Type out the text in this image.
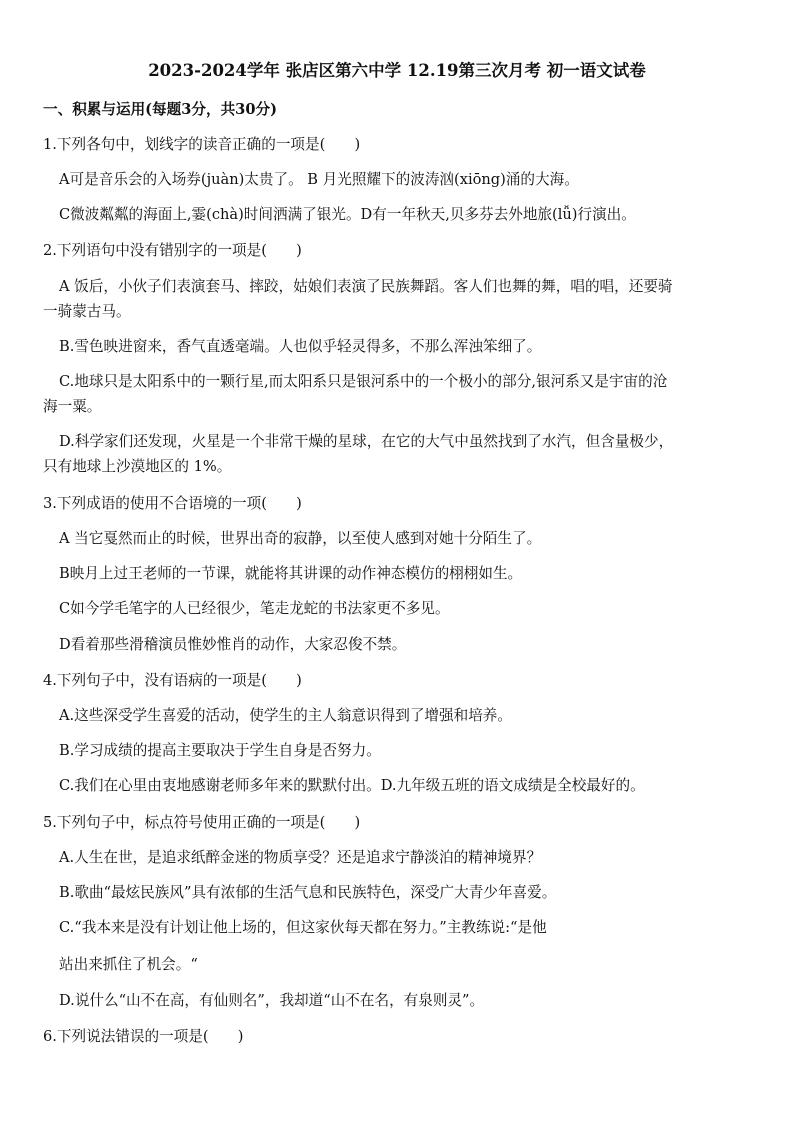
2023-2024学年 张店区第六中学 12.19第三次月考 初一语文试卷
一、积累与运用(每题3分，共30分)
1.下列各句中，划线字的读音正确的一项是(　　)
A可是音乐会的入场券(juàn)太贵了。 B 月光照耀下的波涛汹(xiōng)涌的大海。
C微波粼粼的海面上,霎(chà)时间洒满了银光。D有一年秋天,贝多芬去外地旅(lǚ)行演出。
2.下列语句中没有错别字的一项是(　　)
A 饭后，小伙子们表演套马、摔跤，姑娘们表演了民族舞蹈。客人们也舞的舞，唱的唱，还要骑
一骑蒙古马。
B.雪色映进窗来，香气直透毫端。人也似乎轻灵得多，不那么浑浊笨细了。
C.地球只是太阳系中的一颗行星,而太阳系只是银河系中的一个极小的部分,银河系又是宇宙的沧
海一粟。
D.科学家们还发现，火星是一个非常干燥的星球，在它的大气中虽然找到了水汽，但含量极少，
只有地球上沙漠地区的 1%。
3.下列成语的使用不合语境的一项(　　)
A 当它戛然而止的时候，世界出奇的寂静，以至使人感到对她十分陌生了。
B映月上过王老师的一节课，就能将其讲课的动作神态模仿的栩栩如生。
C如今学毛笔字的人已经很少，笔走龙蛇的书法家更不多见。
D看着那些滑稽演员惟妙惟肖的动作，大家忍俊不禁。
4.下列句子中，没有语病的一项是(　　)
A.这些深受学生喜爱的活动，使学生的主人翁意识得到了增强和培养。
B.学习成绩的提高主要取决于学生自身是否努力。
C.我们在心里由衷地感谢老师多年来的默默付出。D.九年级五班的语文成绩是全校最好的。
5.下列句子中，标点符号使用正确的一项是(　　)
A.人生在世，是追求纸醉金迷的物质享受？还是追求宁静淡泊的精神境界？
B.歌曲“最炫民族风”具有浓郁的生活气息和民族特色，深受广大青少年喜爱。
C.“我本来是没有计划让他上场的，但这家伙每天都在努力。”主教练说:“是他
站出来抓住了机会。“
D.说什么“山不在高，有仙则名”，我却道“山不在名，有泉则灵”。
6.下列说法错误的一项是(　　)
